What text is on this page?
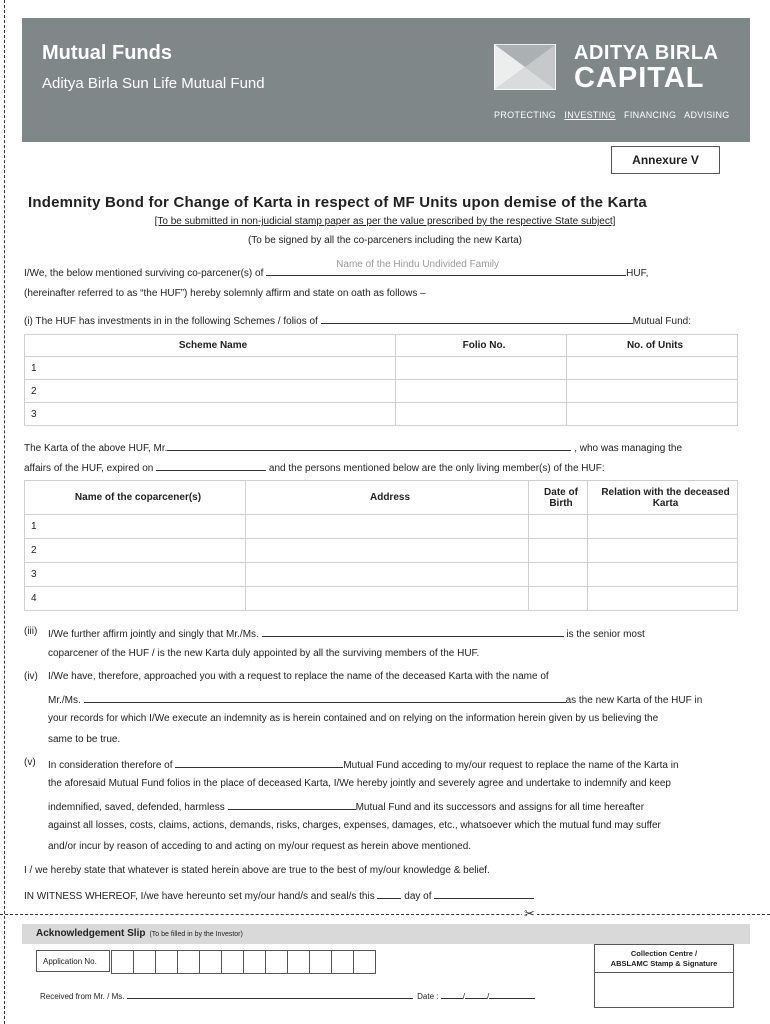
Mutual Funds
Aditya Birla Sun Life Mutual Fund
ADITYA BIRLA
CAPITAL
PROTECTING INVESTING FINANCING ADVISING
Annexure V
Indemnity Bond for Change of Karta in respect of MF Units upon demise of the Karta
[To be submitted in non-judicial stamp paper as per the value prescribed by the respective State subject]
(To be signed by all the co-parceners including the new Karta)
I/We, the below mentioned surviving co-parcener(s) of
Name of the Hindu Undivided Family
HUF,
(hereinafter referred to as “the HUF”) hereby solemnly affirm and state on oath as follows –
(i) The HUF has investments in in the following Schemes / folios of	Mutual Fund:
Scheme Name	Folio No.	No. of Units
1		
2		
3		
The Karta of the above HUF, Mr.	, who was managing the
affairs of the HUF, expired on	and the persons mentioned below are the only living member(s) of the HUF:
Name of the coparcener(s)	Address	Date of Birth	Relation with the deceased Karta
1			
2			
3			
4			
(iii) I/We further affirm jointly and singly that Mr./Ms.	is the senior most
coparcener of the HUF / is the new Karta duly appointed by all the surviving members of the HUF.
(iv) I/We have, therefore, approached you with a request to replace the name of the deceased Karta with the name of
Mr./Ms.	as the new Karta of the HUF in
your records for which I/We execute an indemnity as is herein contained and on relying on the information herein given by us believing the
same to be true.
(v) In consideration therefore of	Mutual Fund acceding to my/our request to replace the name of the Karta in
the aforesaid Mutual Fund folios in the place of deceased Karta, I/We hereby jointly and severely agree and undertake to indemnify and keep
indemnified, saved, defended, harmless	Mutual Fund and its successors and assigns for all time hereafter
against all losses, costs, claims, actions, demands, risks, charges, expenses, damages, etc., whatsoever which the mutual fund may suffer
and/or incur by reason of acceding to and acting on my/our request as herein above mentioned.
I / we hereby state that whatever is stated herein above are true to the best of my/our knowledge & belief.
IN WITNESS WHEREOF, I/we have hereunto set my/our hand/s and seal/s this	day of
✂
Acknowledgement Slip (To be filled in by the Investor)
Application No.
Collection Centre /
ABSLAMC Stamp & Signature
Received from Mr. / Ms.	Date :	/	/
